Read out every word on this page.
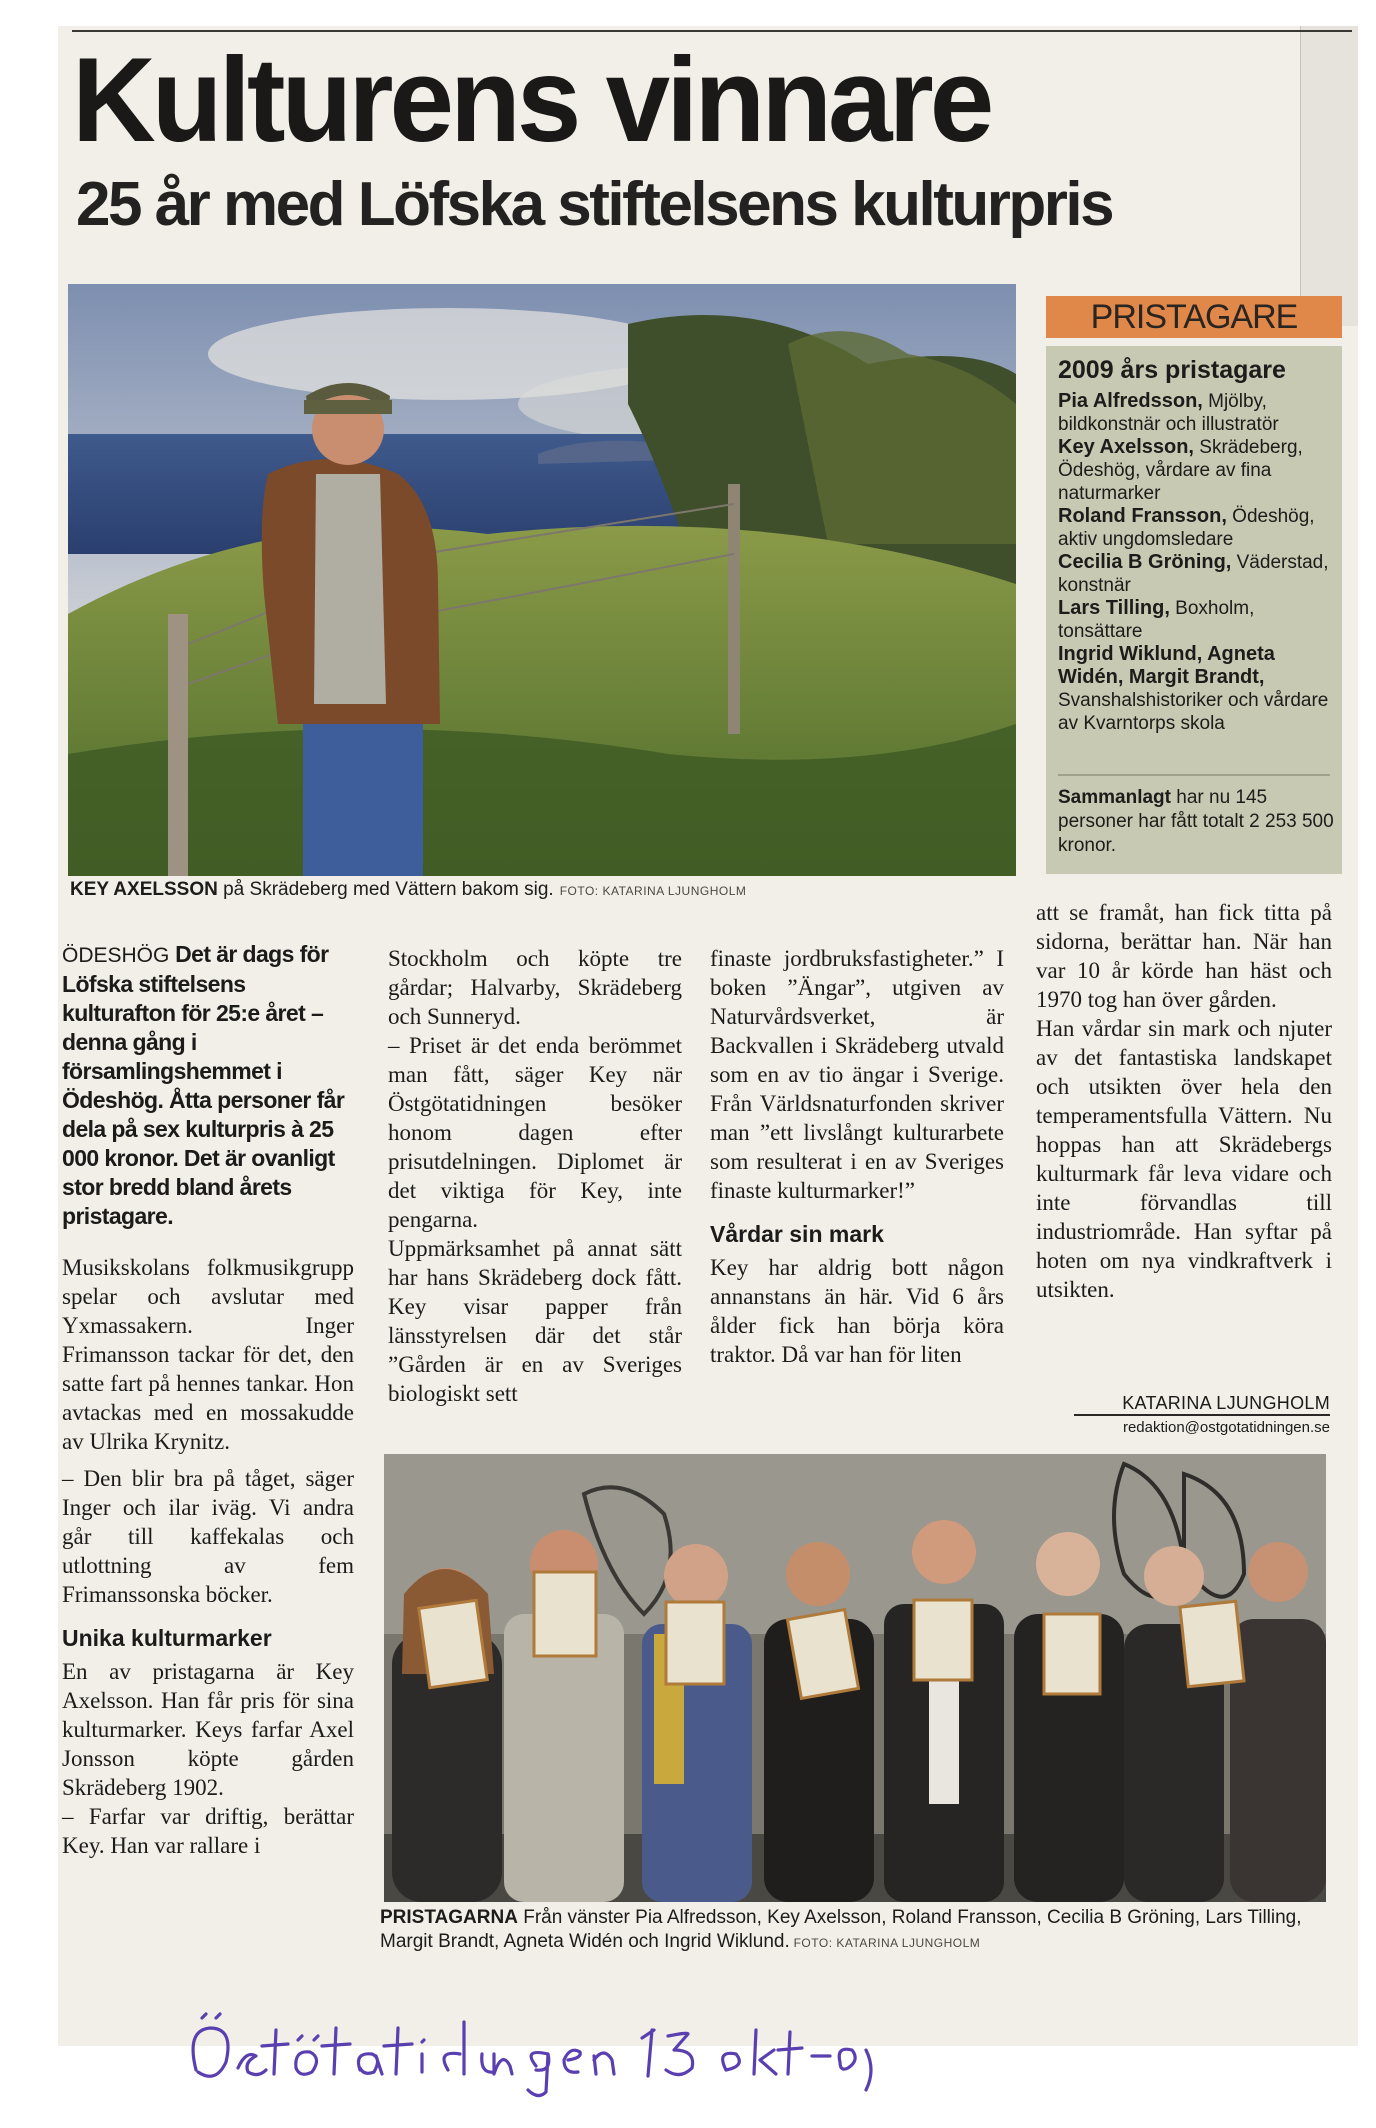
Kulturens vinnare
25 år med Löfska stiftelsens kulturpris
KEY AXELSSON på Skrädeberg med Vättern bakom sig. FOTO: KATARINA LJUNGHOLM
PRISTAGARE
2009 års pristagare
Pia Alfredsson, Mjölby, bildkonstnär och illustratör
Key Axelsson, Skrädeberg, Ödeshög, vårdare av fina naturmarker
Roland Fransson, Ödeshög, aktiv ungdomsledare
Cecilia B Gröning, Väderstad, konstnär
Lars Tilling, Boxholm, tonsättare
Ingrid Wiklund, Agneta Widén, Margit Brandt, Svanshalshistoriker och vårdare av Kvarntorps skola
Sammanlagt har nu 145 personer har fått totalt 2 253 500 kronor.

ÖDESHÖG Det är dags för Löfska stiftelsens kulturafton för 25:e året – denna gång i församlingshemmet i Ödeshög. Åtta personer får dela på sex kulturpris à 25 000 kronor. Det är ovanligt stor bredd bland årets pristagare.

Musikskolans folkmusikgrupp spelar och avslutar med Yxmassakern. Inger Frimansson tackar för det, den satte fart på hennes tankar. Hon avtackas med en mossakudde av Ulrika Krynitz.

– Den blir bra på tåget, säger Inger och ilar iväg. Vi andra går till kaffekalas och utlottning av fem Frimanssonska böcker.

Unika kulturmarker

En av pristagarna är Key Axelsson. Han får pris för sina kulturmarker. Keys farfar Axel Jonsson köpte gården Skrädeberg 1902.

– Farfar var driftig, berättar Key. Han var rallare i

Stockholm och köpte tre gårdar; Halvarby, Skrädeberg och Sunneryd.

– Priset är det enda berömmet man fått, säger Key när Östgötatidningen besöker honom dagen efter prisutdelningen. Diplomet är det viktiga för Key, inte pengarna.

Uppmärksamhet på annat sätt har hans Skrädeberg dock fått. Key visar papper från länsstyrelsen där det står ”Gården är en av Sveriges biologiskt sett

finaste jordbruksfastigheter.” I boken ”Ängar”, utgiven av Naturvårdsverket, är Backvallen i Skrädeberg utvald som en av tio ängar i Sverige. Från Världsnaturfonden skriver man ”ett livslångt kulturarbete som resulterat i en av Sveriges finaste kulturmarker!”

Vårdar sin mark

Key har aldrig bott någon annanstans än här. Vid 6 års ålder fick han börja köra traktor. Då var han för liten

att se framåt, han fick titta på sidorna, berättar han. När han var 10 år körde han häst och 1970 tog han över gården.

Han vårdar sin mark och njuter av det fantastiska landskapet och utsikten över hela den temperamentsfulla Vättern. Nu hoppas han att Skrädebergs kulturmark får leva vidare och inte förvandlas till industriområde. Han syftar på hoten om nya vindkraftverk i utsikten.

KATARINA LJUNGHOLM
redaktion@ostgotatidningen.se
PRISTAGARNA Från vänster Pia Alfredsson, Key Axelsson, Roland Fransson, Cecilia B Gröning, Lars Tilling, Margit Brandt, Agneta Widén och Ingrid Wiklund. FOTO: KATARINA LJUNGHOLM
